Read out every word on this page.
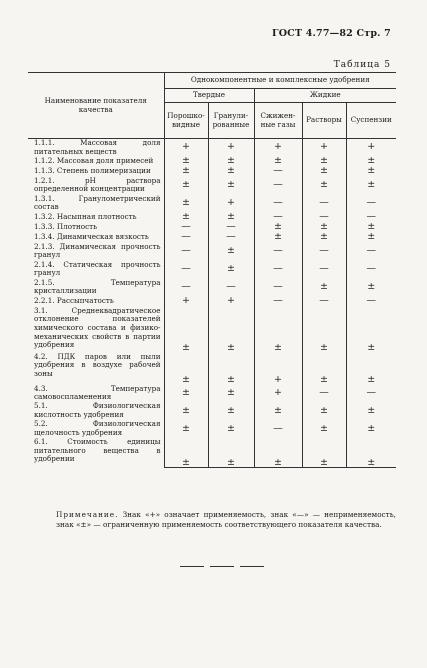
ГОСТ 4.77—82 Стр. 7
Таблица 5
Наименование показателя качества	Однокомпонентные и комплексные удобрения				
	Твердые		Жидкие		
	Порошко-видные	Гранули-рованные	Сжижен-ные газы	Растворы	Суспензии
1.1.1. Массовая доля питательных веществ	+	+	+	+	+
1.1.2. Массовая доля примесей	±	±	±	±	±
1.1.3. Степень полимеризации	±	±	—	±	±
1.2.1. pH раствора определенной концентрации	±	±	—	±	±
1.3.1. Гранулометрический состав	±	+	—	—	—
1.3.2. Насыпная плотность	±	±	—	—	—
1.3.3. Плотность	—	—	±	±	±
1.3.4. Динамическая вязкость	—	—	±	±	±
2.1.3. Динамическая прочность гранул	—	±	—	—	—
2.1.4. Статическая прочность гранул	—	±	—	—	—
2.1.5. Температура кристаллизации	—	—	—	±	±
2.2.1. Рассыпчатость	+	+	—	—	—
3.1. Среднеквадратическое отклонение показателей химического состава и физико-механических свойств в партии удобрения	±	±	±	±	±
4.2. ПДК паров или пыли удобрения в воздухе рабочей зоны	±	±	+	±	±
4.3. Температура самовоспламенения	±	±	+	—	—
5.1. Физиологическая кислотность удобрения	±	±	±	±	±
5.2. Физиологическая щелочность удобрения	±	±	—	±	±
6.1. Стоимость единицы питательного вещества в удобрении	±	±	±	±	±
Примечание. Знак «+» означает применяемость, знак «—» — неприменяемость, знак «±» — ограниченную применяемость соответствующего показателя качества.
